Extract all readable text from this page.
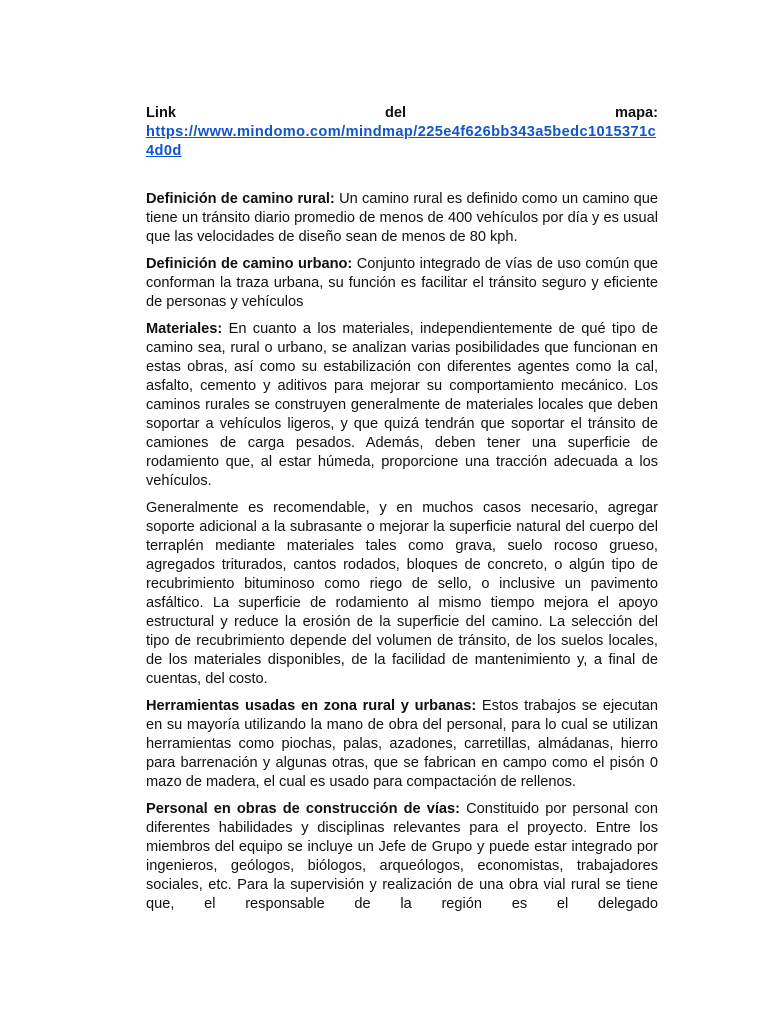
Link	del	mapa:
https://www.mindomo.com/mindmap/225e4f626bb343a5bedc1015371c4d0d

Definición de camino rural: Un camino rural es definido como un camino que tiene un tránsito diario promedio de menos de 400 vehículos por día y es usual que las velocidades de diseño sean de menos de 80 kph.

Definición de camino urbano: Conjunto integrado de vías de uso común que conforman la traza urbana, su función es facilitar el tránsito seguro y eficiente de personas y vehículos

Materiales: En cuanto a los materiales, independientemente de qué tipo de camino sea, rural o urbano, se analizan varias posibilidades que funcionan en estas obras, así como su estabilización con diferentes agentes como la cal, asfalto, cemento y aditivos para mejorar su comportamiento mecánico. Los caminos rurales se construyen generalmente de materiales locales que deben soportar a vehículos ligeros, y que quizá tendrán que soportar el tránsito de camiones de carga pesados. Además, deben tener una superficie de rodamiento que, al estar húmeda, proporcione una tracción adecuada a los vehículos.

Generalmente es recomendable, y en muchos casos necesario, agregar soporte adicional a la subrasante o mejorar la superficie natural del cuerpo del terraplén mediante materiales tales como grava, suelo rocoso grueso, agregados triturados, cantos rodados, bloques de concreto, o algún tipo de recubrimiento bituminoso como riego de sello, o inclusive un pavimento asfáltico. La superficie de rodamiento al mismo tiempo mejora el apoyo estructural y reduce la erosión de la superficie del camino. La selección del tipo de recubrimiento depende del volumen de tránsito, de los suelos locales, de los materiales disponibles, de la facilidad de mantenimiento y, a final de cuentas, del costo.

Herramientas usadas en zona rural y urbanas: Estos trabajos se ejecutan en su mayoría utilizando la mano de obra del personal, para lo cual se utilizan herramientas como piochas, palas, azadones, carretillas, almádanas, hierro para barrenación y algunas otras, que se fabrican en campo como el pisón 0 mazo de madera, el cual es usado para compactación de rellenos.

Personal en obras de construcción de vías: Constituido por personal con diferentes habilidades y disciplinas relevantes para el proyecto. Entre los miembros del equipo se incluye un Jefe de Grupo y puede estar integrado por ingenieros, geólogos, biólogos, arqueólogos, economistas, trabajadores sociales, etc. Para la supervisión y realización de una obra vial rural se tiene que, el responsable de la región es el delegado
